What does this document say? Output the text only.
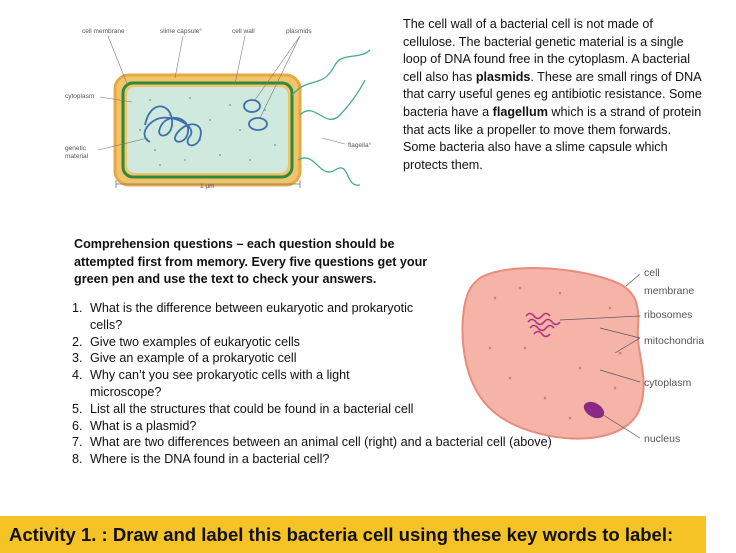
cell membrane	slime capsule°	cell wall	plasmids
cytoplasm
genetic
material
flagella°
1 µm
The cell wall of a bacterial cell is not made of cellulose. The bacterial genetic material is a single loop of DNA found free in the cytoplasm. A bacterial cell also has plasmids. These are small rings of DNA that carry useful genes eg antibiotic resistance. Some bacteria have a flagellum which is a strand of protein that acts like a propeller to move them forwards. Some bacteria also have a slime capsule which protects them.
Comprehension questions – each question should be attempted first from memory. Every five questions get your green pen and use the text to check your answers.
1. What is the difference between eukaryotic and prokaryotic cells?
2. Give two examples of eukaryotic cells
3. Give an example of a prokaryotic cell
4. Why can’t you see prokaryotic cells with a light microscope?
5. List all the structures that could be found in a bacterial cell
6. What is a plasmid?
7. What are two differences between an animal cell (right) and a bacterial cell (above)
8. Where is the DNA found in a bacterial cell?
cell
membrane
ribosomes
mitochondria
cytoplasm
nucleus
Activity 1. : Draw and label this bacteria cell using these key words to label:
